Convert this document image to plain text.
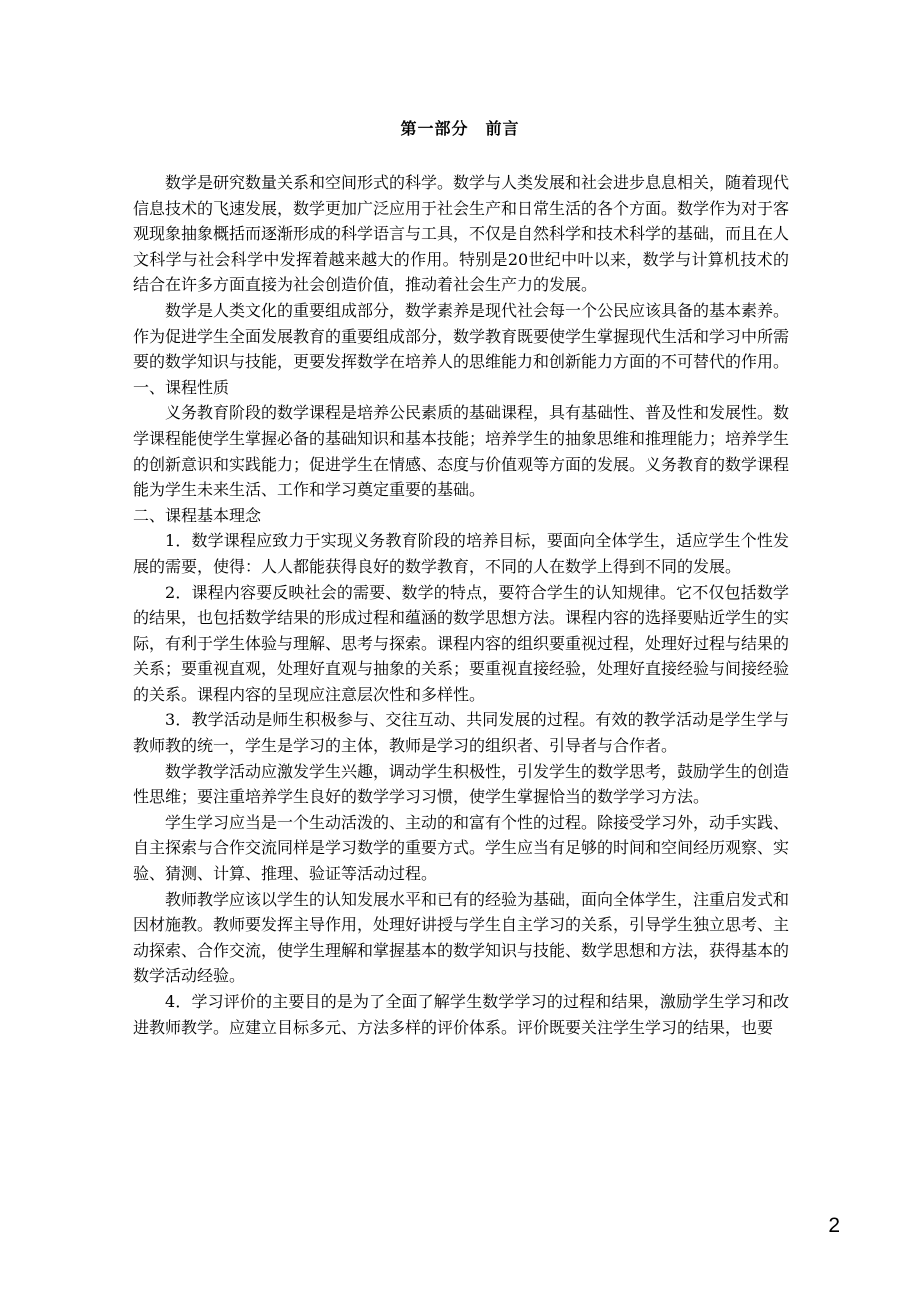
第一部分　前言

数学是研究数量关系和空间形式的科学。数学与人类发展和社会进步息息相关，随着现代信息技术的飞速发展，数学更加广泛应用于社会生产和日常生活的各个方面。数学作为对于客观现象抽象概括而逐渐形成的科学语言与工具，不仅是自然科学和技术科学的基础，而且在人文科学与社会科学中发挥着越来越大的作用。特别是20世纪中叶以来，数学与计算机技术的结合在许多方面直接为社会创造价值，推动着社会生产力的发展。

数学是人类文化的重要组成部分，数学素养是现代社会每一个公民应该具备的基本素养。作为促进学生全面发展教育的重要组成部分，数学教育既要使学生掌握现代生活和学习中所需要的数学知识与技能，更要发挥数学在培养人的思维能力和创新能力方面的不可替代的作用。

一、课程性质

义务教育阶段的数学课程是培养公民素质的基础课程，具有基础性、普及性和发展性。数学课程能使学生掌握必备的基础知识和基本技能；培养学生的抽象思维和推理能力；培养学生的创新意识和实践能力；促进学生在情感、态度与价值观等方面的发展。义务教育的数学课程能为学生未来生活、工作和学习奠定重要的基础。

二、课程基本理念

1．数学课程应致力于实现义务教育阶段的培养目标，要面向全体学生，适应学生个性发展的需要，使得：人人都能获得良好的数学教育，不同的人在数学上得到不同的发展。

2．课程内容要反映社会的需要、数学的特点，要符合学生的认知规律。它不仅包括数学的结果，也包括数学结果的形成过程和蕴涵的数学思想方法。课程内容的选择要贴近学生的实际，有利于学生体验与理解、思考与探索。课程内容的组织要重视过程，处理好过程与结果的关系；要重视直观，处理好直观与抽象的关系；要重视直接经验，处理好直接经验与间接经验的关系。课程内容的呈现应注意层次性和多样性。

3．教学活动是师生积极参与、交往互动、共同发展的过程。有效的教学活动是学生学与教师教的统一，学生是学习的主体，教师是学习的组织者、引导者与合作者。

数学教学活动应激发学生兴趣，调动学生积极性，引发学生的数学思考，鼓励学生的创造性思维；要注重培养学生良好的数学学习习惯，使学生掌握恰当的数学学习方法。

学生学习应当是一个生动活泼的、主动的和富有个性的过程。除接受学习外，动手实践、自主探索与合作交流同样是学习数学的重要方式。学生应当有足够的时间和空间经历观察、实验、猜测、计算、推理、验证等活动过程。

教师教学应该以学生的认知发展水平和已有的经验为基础，面向全体学生，注重启发式和因材施教。教师要发挥主导作用，处理好讲授与学生自主学习的关系，引导学生独立思考、主动探索、合作交流，使学生理解和掌握基本的数学知识与技能、数学思想和方法，获得基本的数学活动经验。

4．学习评价的主要目的是为了全面了解学生数学学习的过程和结果，激励学生学习和改进教师教学。应建立目标多元、方法多样的评价体系。评价既要关注学生学习的结果，也要

2
